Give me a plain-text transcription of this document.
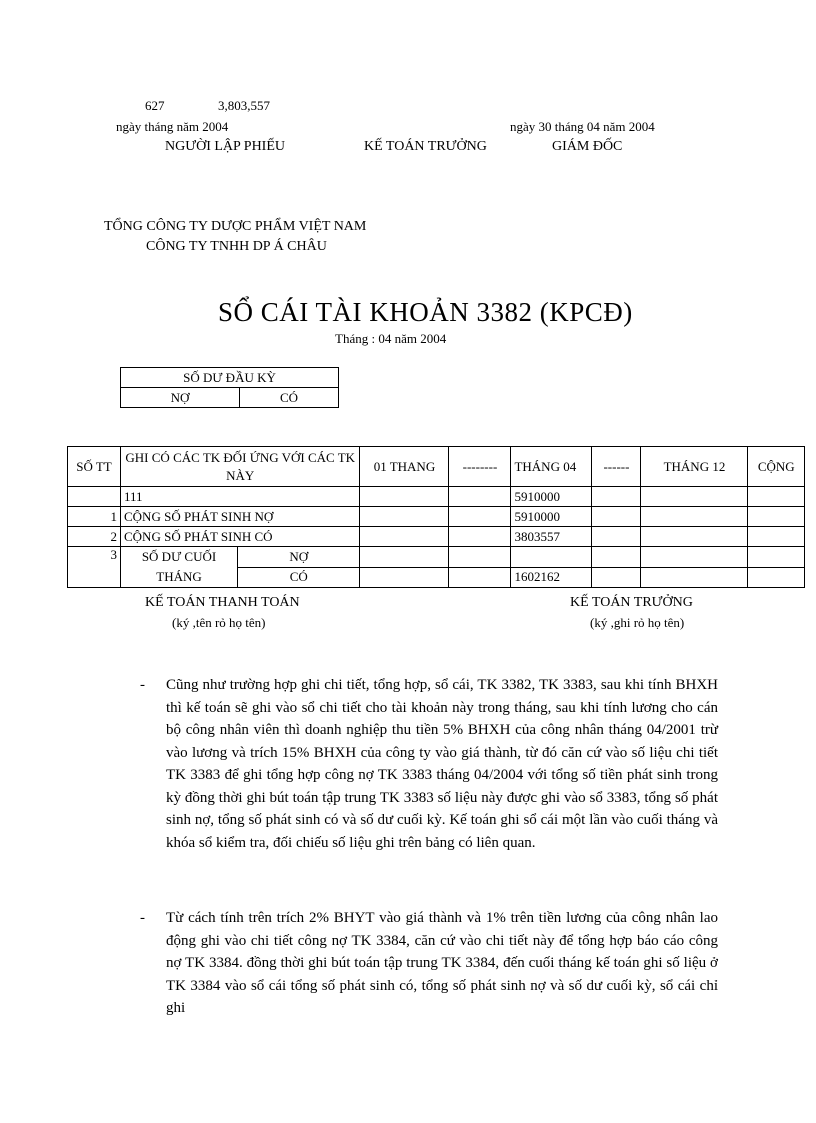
627	3,803,557
ngày tháng năm 2004	ngày 30 tháng 04 năm 2004
NGƯỜI LẬP PHIẾU	KẾ TOÁN TRƯỞNG	GIÁM ĐỐC
TỔNG CÔNG TY DƯỢC PHẨM VIỆT NAM
CÔNG TY TNHH DP Á CHÂU
SỔ CÁI TÀI KHOẢN 3382 (KPCĐ)
Tháng : 04 năm 2004
SỐ DƯ ĐẦU KỲ
NỢ	CÓ
SỐ TT	GHI CÓ CÁC TK ĐỐI ỨNG VỚI CÁC TK NÀY		01 THANG	--------	THÁNG 04	------	THÁNG 12	CỘNG
	111				5910000			
1	CỘNG SỐ PHÁT SINH NỢ				5910000			
2	CỘNG SỐ PHÁT SINH CÓ				3803557			
3	SỐ DƯ CUỐI THÁNG	NỢ						
		CÓ			1602162			
KẾ TOÁN THANH TOÁN
(ký ,tên rỏ họ tên)
KẾ TOÁN TRƯỞNG
(ký ,ghi rỏ họ tên)
- Cũng như trường hợp ghi chi tiết, tổng hợp, sổ cái, TK 3382, TK 3383, sau khi tính BHXH thì kế toán sẽ ghi vào sổ chi tiết cho tài khoản này trong tháng, sau khi tính lương cho cán bộ công nhân viên thì doanh nghiệp thu tiền 5% BHXH của công nhân tháng 04/2001 trừ vào lương và trích 15% BHXH của công ty vào giá thành, từ đó căn cứ vào số liệu chi tiết TK 3383 để ghi tổng hợp công nợ TK 3383 tháng 04/2004 với tổng số tiền phát sinh trong kỳ đồng thời ghi bút toán tập trung TK 3383 số liệu này được ghi vào sổ 3383, tổng số phát sinh nợ, tổng số phát sinh có và số dư cuối kỳ. Kế toán ghi sổ cái một lần vào cuối tháng và khóa sổ kiểm tra, đối chiếu số liệu ghi trên bảng có liên quan.
- Từ cách tính trên trích 2% BHYT vào giá thành và 1% trên tiền lương của công nhân lao động ghi vào chi tiết công nợ TK 3384, căn cứ vào chi tiết này để tổng hợp báo cáo công nợ TK 3384. đồng thời ghi bút toán tập trung TK 3384, đến cuối tháng kế toán ghi số liệu ở TK 3384 vào sổ cái tổng số phát sinh có, tổng số phát sinh nợ và số dư cuối kỳ, sổ cái chỉ ghi
